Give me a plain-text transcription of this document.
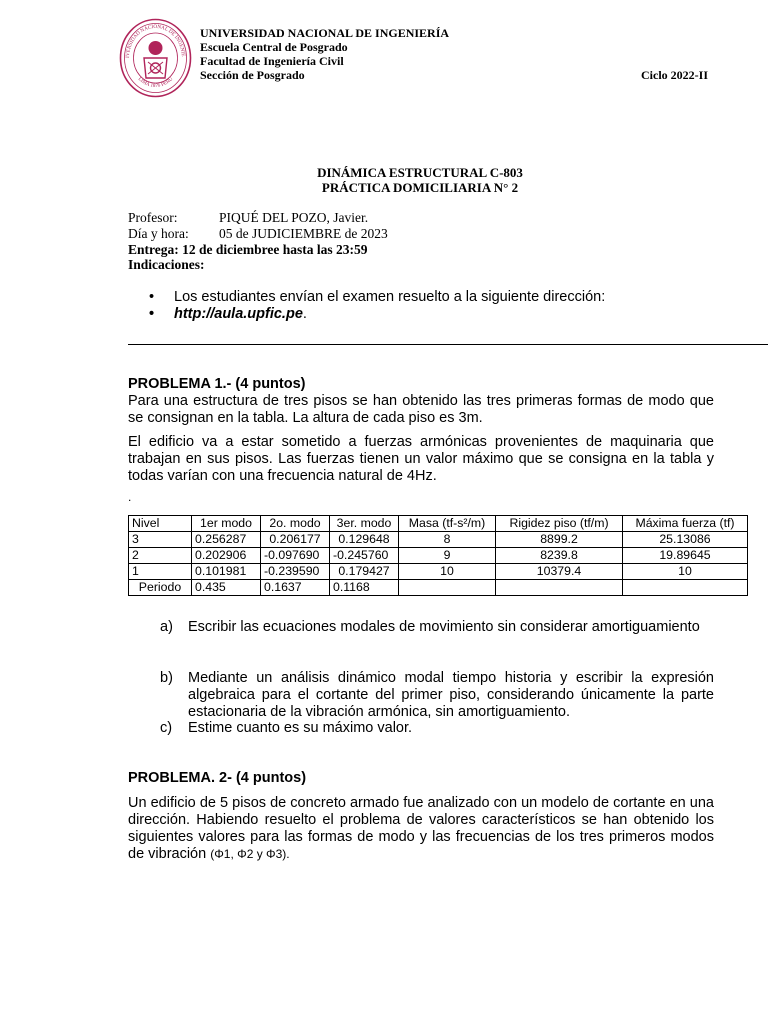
IVERSIDAD NACIONAL DE INGENIE
LIMA 1876 PERU
UNIVERSIDAD NACIONAL DE INGENIERÍA
Escuela Central de Posgrado
Facultad de Ingeniería Civil
Sección de Posgrado	Ciclo 2022-II
DINÁMICA ESTRUCTURAL C-803
PRÁCTICA DOMICILIARIA N° 2
Profesor:	PIQUÉ DEL POZO, Javier.
Día y hora: 05 de JUDICIEMBRE de 2023
Entrega: 12 de diciembree hasta las 23:59
Indicaciones:
• Los estudiantes envían el examen resuelto a la siguiente dirección:
• http://aula.upfic.pe.
PROBLEMA 1.- (4 puntos)
Para una estructura de tres pisos se han obtenido las tres primeras formas de modo que se consignan en la tabla. La altura de cada piso es 3m.
El edificio va a estar sometido a fuerzas armónicas provenientes de maquinaria que trabajan en sus pisos. Las fuerzas tienen un valor máximo que se consigna en la tabla y todas varían con una frecuencia natural de 4Hz.
.
Nivel	1er modo	2o. modo	3er. modo	Masa (tf-s²/m)	Rigidez piso (tf/m)	Máxima fuerza (tf)
3	0.256287	0.206177	0.129648	8	8899.2	25.13086
2	0.202906	-0.097690	-0.245760	9	8239.8	19.89645
1	0.101981	-0.239590	0.179427	10	10379.4	10
Periodo	0.435	0.1637	0.1168			
a) Escribir las ecuaciones modales de movimiento sin considerar amortiguamiento
b) Mediante un análisis dinámico modal tiempo historia y escribir la expresión algebraica para el cortante del primer piso, considerando únicamente la parte estacionaria de la vibración armónica, sin amortiguamiento.
c) Estime cuanto es su máximo valor.
PROBLEMA. 2- (4 puntos)
Un edificio de 5 pisos de concreto armado fue analizado con un modelo de cortante en una dirección. Habiendo resuelto el problema de valores característicos se han obtenido los siguientes valores para las formas de modo y las frecuencias de los tres primeros modos de vibración (Φ1, Φ2 y Φ3).
